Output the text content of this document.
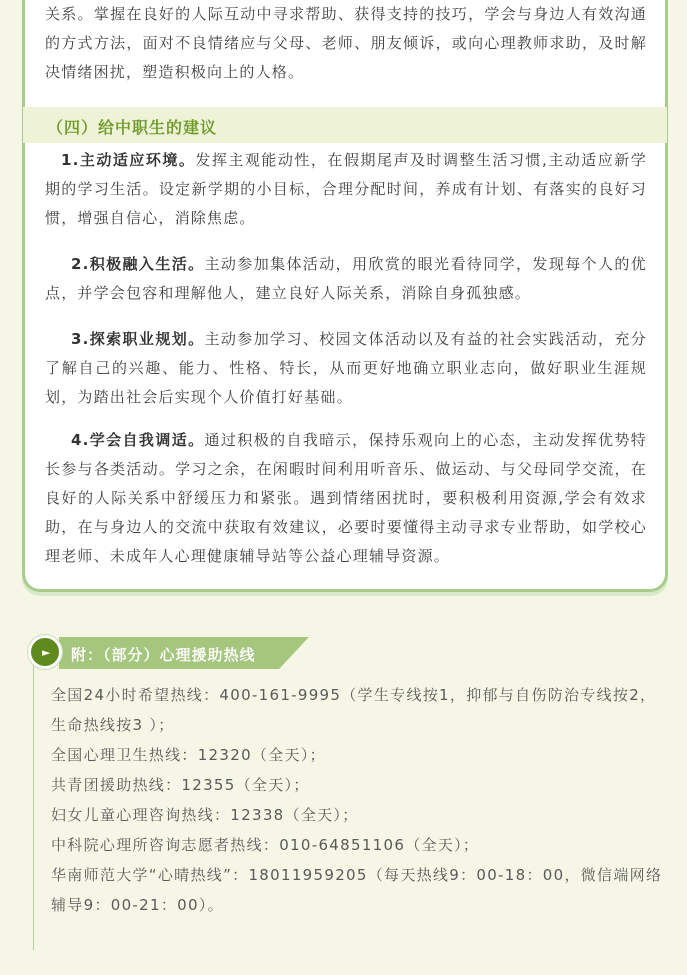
关系。掌握在良好的人际互动中寻求帮助、获得支持的技巧，学会与身边人有效沟通的方式方法，面对不良情绪应与父母、老师、朋友倾诉，或向心理教师求助，及时解决情绪困扰，塑造积极向上的人格。
1.主动适应环境。发挥主观能动性，在假期尾声及时调整生活习惯,主动适应新学期的学习生活。设定新学期的小目标，合理分配时间，养成有计划、有落实的良好习惯，增强自信心，消除焦虑。
2.积极融入生活。主动参加集体活动，用欣赏的眼光看待同学，发现每个人的优点，并学会包容和理解他人，建立良好人际关系，消除自身孤独感。
3.探索职业规划。主动参加学习、校园文体活动以及有益的社会实践活动，充分了解自己的兴趣、能力、性格、特长，从而更好地确立职业志向，做好职业生涯规划，为踏出社会后实现个人价值打好基础。
4.学会自我调适。通过积极的自我暗示，保持乐观向上的心态，主动发挥优势特长参与各类活动。学习之余，在闲暇时间利用听音乐、做运动、与父母同学交流，在良好的人际关系中舒缓压力和紧张。遇到情绪困扰时，要积极利用资源,学会有效求助，在与身边人的交流中获取有效建议，必要时要懂得主动寻求专业帮助，如学校心理老师、未成年人心理健康辅导站等公益心理辅导资源。
（四）给中职生的建议
► 附：（部分）心理援助热线
全国24小时希望热线：400-161-9995（学生专线按1，抑郁与自伤防治专线按2，生命热线按3 ）；
全国心理卫生热线：12320（全天）；
共青团援助热线：12355（全天）；
妇女儿童心理咨询热线：12338（全天）；
中科院心理所咨询志愿者热线：010-64851106（全天）；
华南师范大学“心晴热线”：18011959205（每天热线9：00-18：00，微信端网络辅导9：00-21：00）。
